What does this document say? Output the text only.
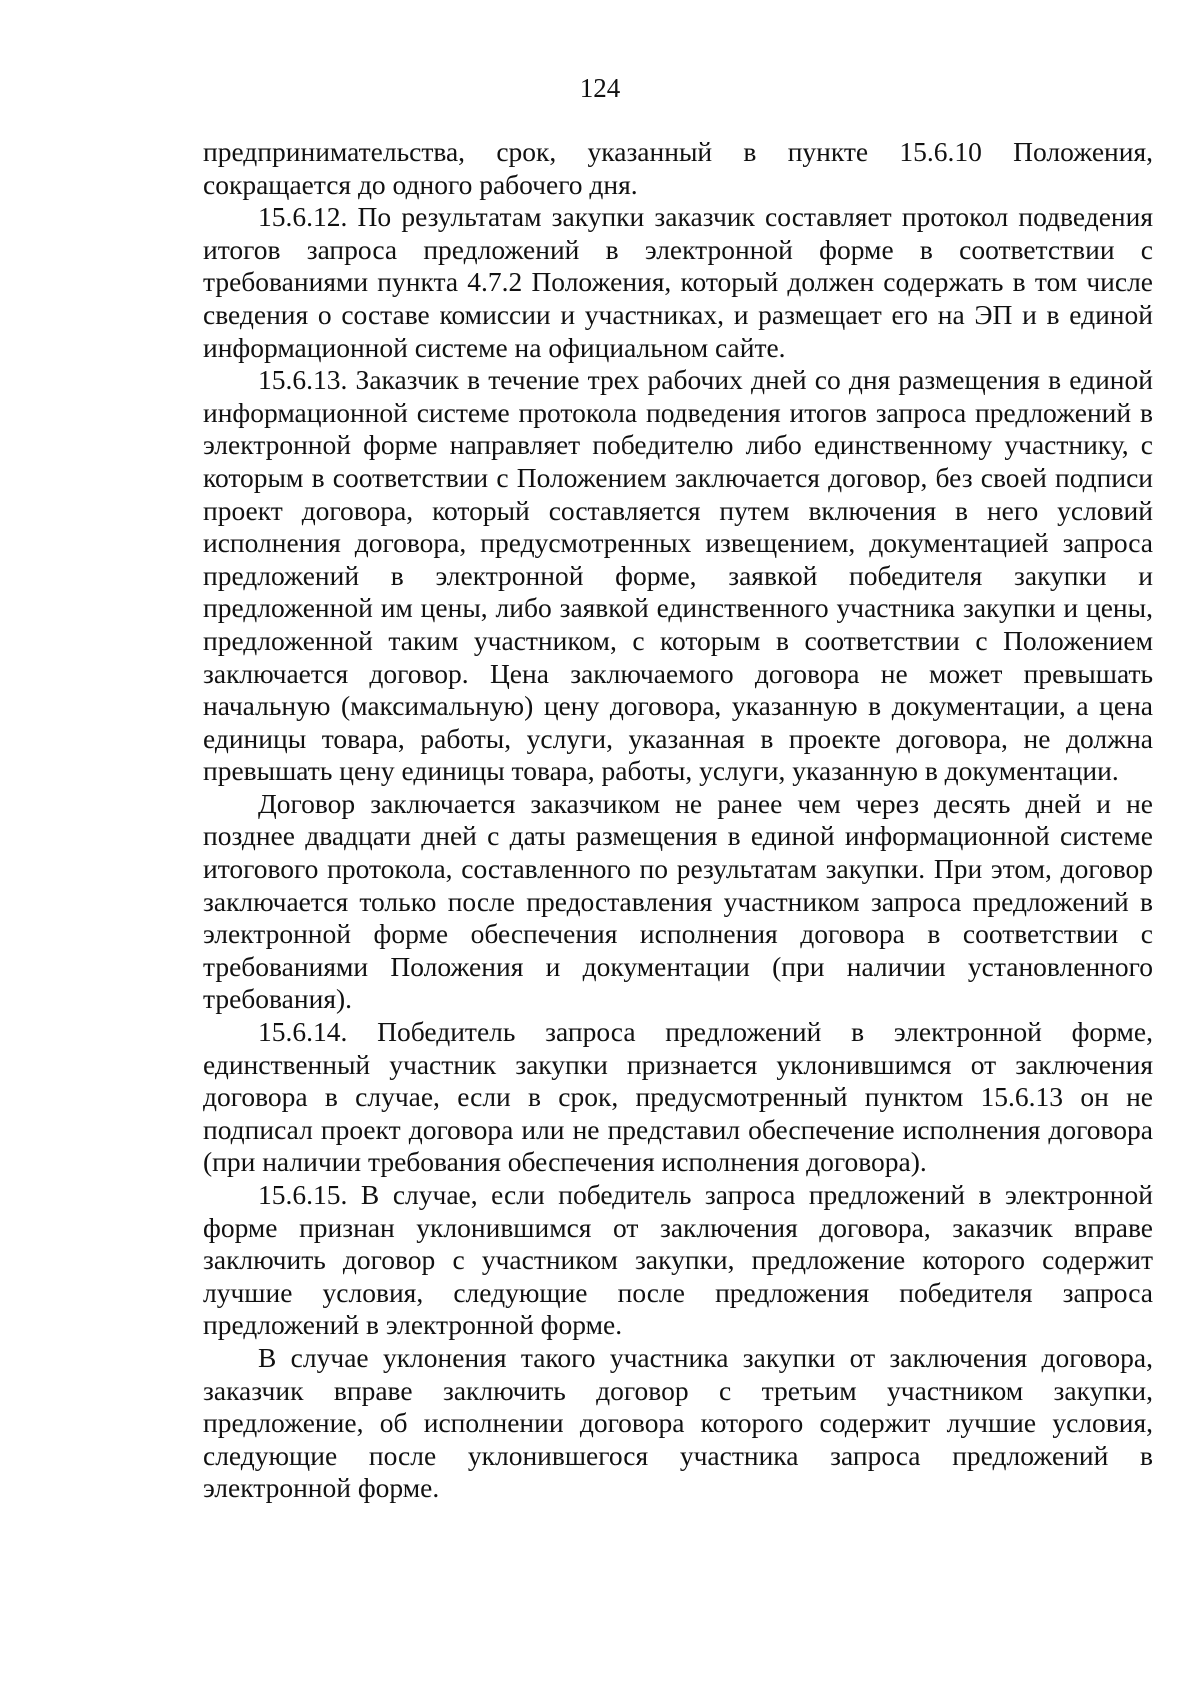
124

предпринимательства, срок, указанный в пункте 15.6.10 Положения, сокращается до одного рабочего дня.

15.6.12. По результатам закупки заказчик составляет протокол подведения итогов запроса предложений в электронной форме в соответствии с требованиями пункта 4.7.2 Положения, который должен содержать в том числе сведения о составе комиссии и участниках, и размещает его на ЭП и в единой информационной системе на официальном сайте.

15.6.13. Заказчик в течение трех рабочих дней со дня размещения в единой информационной системе протокола подведения итогов запроса предложений в электронной форме направляет победителю либо единственному участнику, с которым в соответствии с Положением заключается договор, без своей подписи проект договора, который составляется путем включения в него условий исполнения договора, предусмотренных извещением, документацией запроса предложений в электронной форме, заявкой победителя закупки и предложенной им цены, либо заявкой единственного участника закупки и цены, предложенной таким участником, с которым в соответствии с Положением заключается договор. Цена заключаемого договора не может превышать начальную (максимальную) цену договора, указанную в документации, а цена единицы товара, работы, услуги, указанная в проекте договора, не должна превышать цену единицы товара, работы, услуги, указанную в документации.

Договор заключается заказчиком не ранее чем через десять дней и не позднее двадцати дней с даты размещения в единой информационной системе итогового протокола, составленного по результатам закупки. При этом, договор заключается только после предоставления участником запроса предложений в электронной форме обеспечения исполнения договора в соответствии с требованиями Положения и документации (при наличии установленного требования).

15.6.14. Победитель запроса предложений в электронной форме, единственный участник закупки признается уклонившимся от заключения договора в случае, если в срок, предусмотренный пунктом 15.6.13 он не подписал проект договора или не представил обеспечение исполнения договора (при наличии требования обеспечения исполнения договора).

15.6.15. В случае, если победитель запроса предложений в электронной форме признан уклонившимся от заключения договора, заказчик вправе заключить договор с участником закупки, предложение которого содержит лучшие условия, следующие после предложения победителя запроса предложений в электронной форме.

В случае уклонения такого участника закупки от заключения договора, заказчик вправе заключить договор с третьим участником закупки, предложение, об исполнении договора которого содержит лучшие условия, следующие после уклонившегося участника запроса предложений в электронной форме.
